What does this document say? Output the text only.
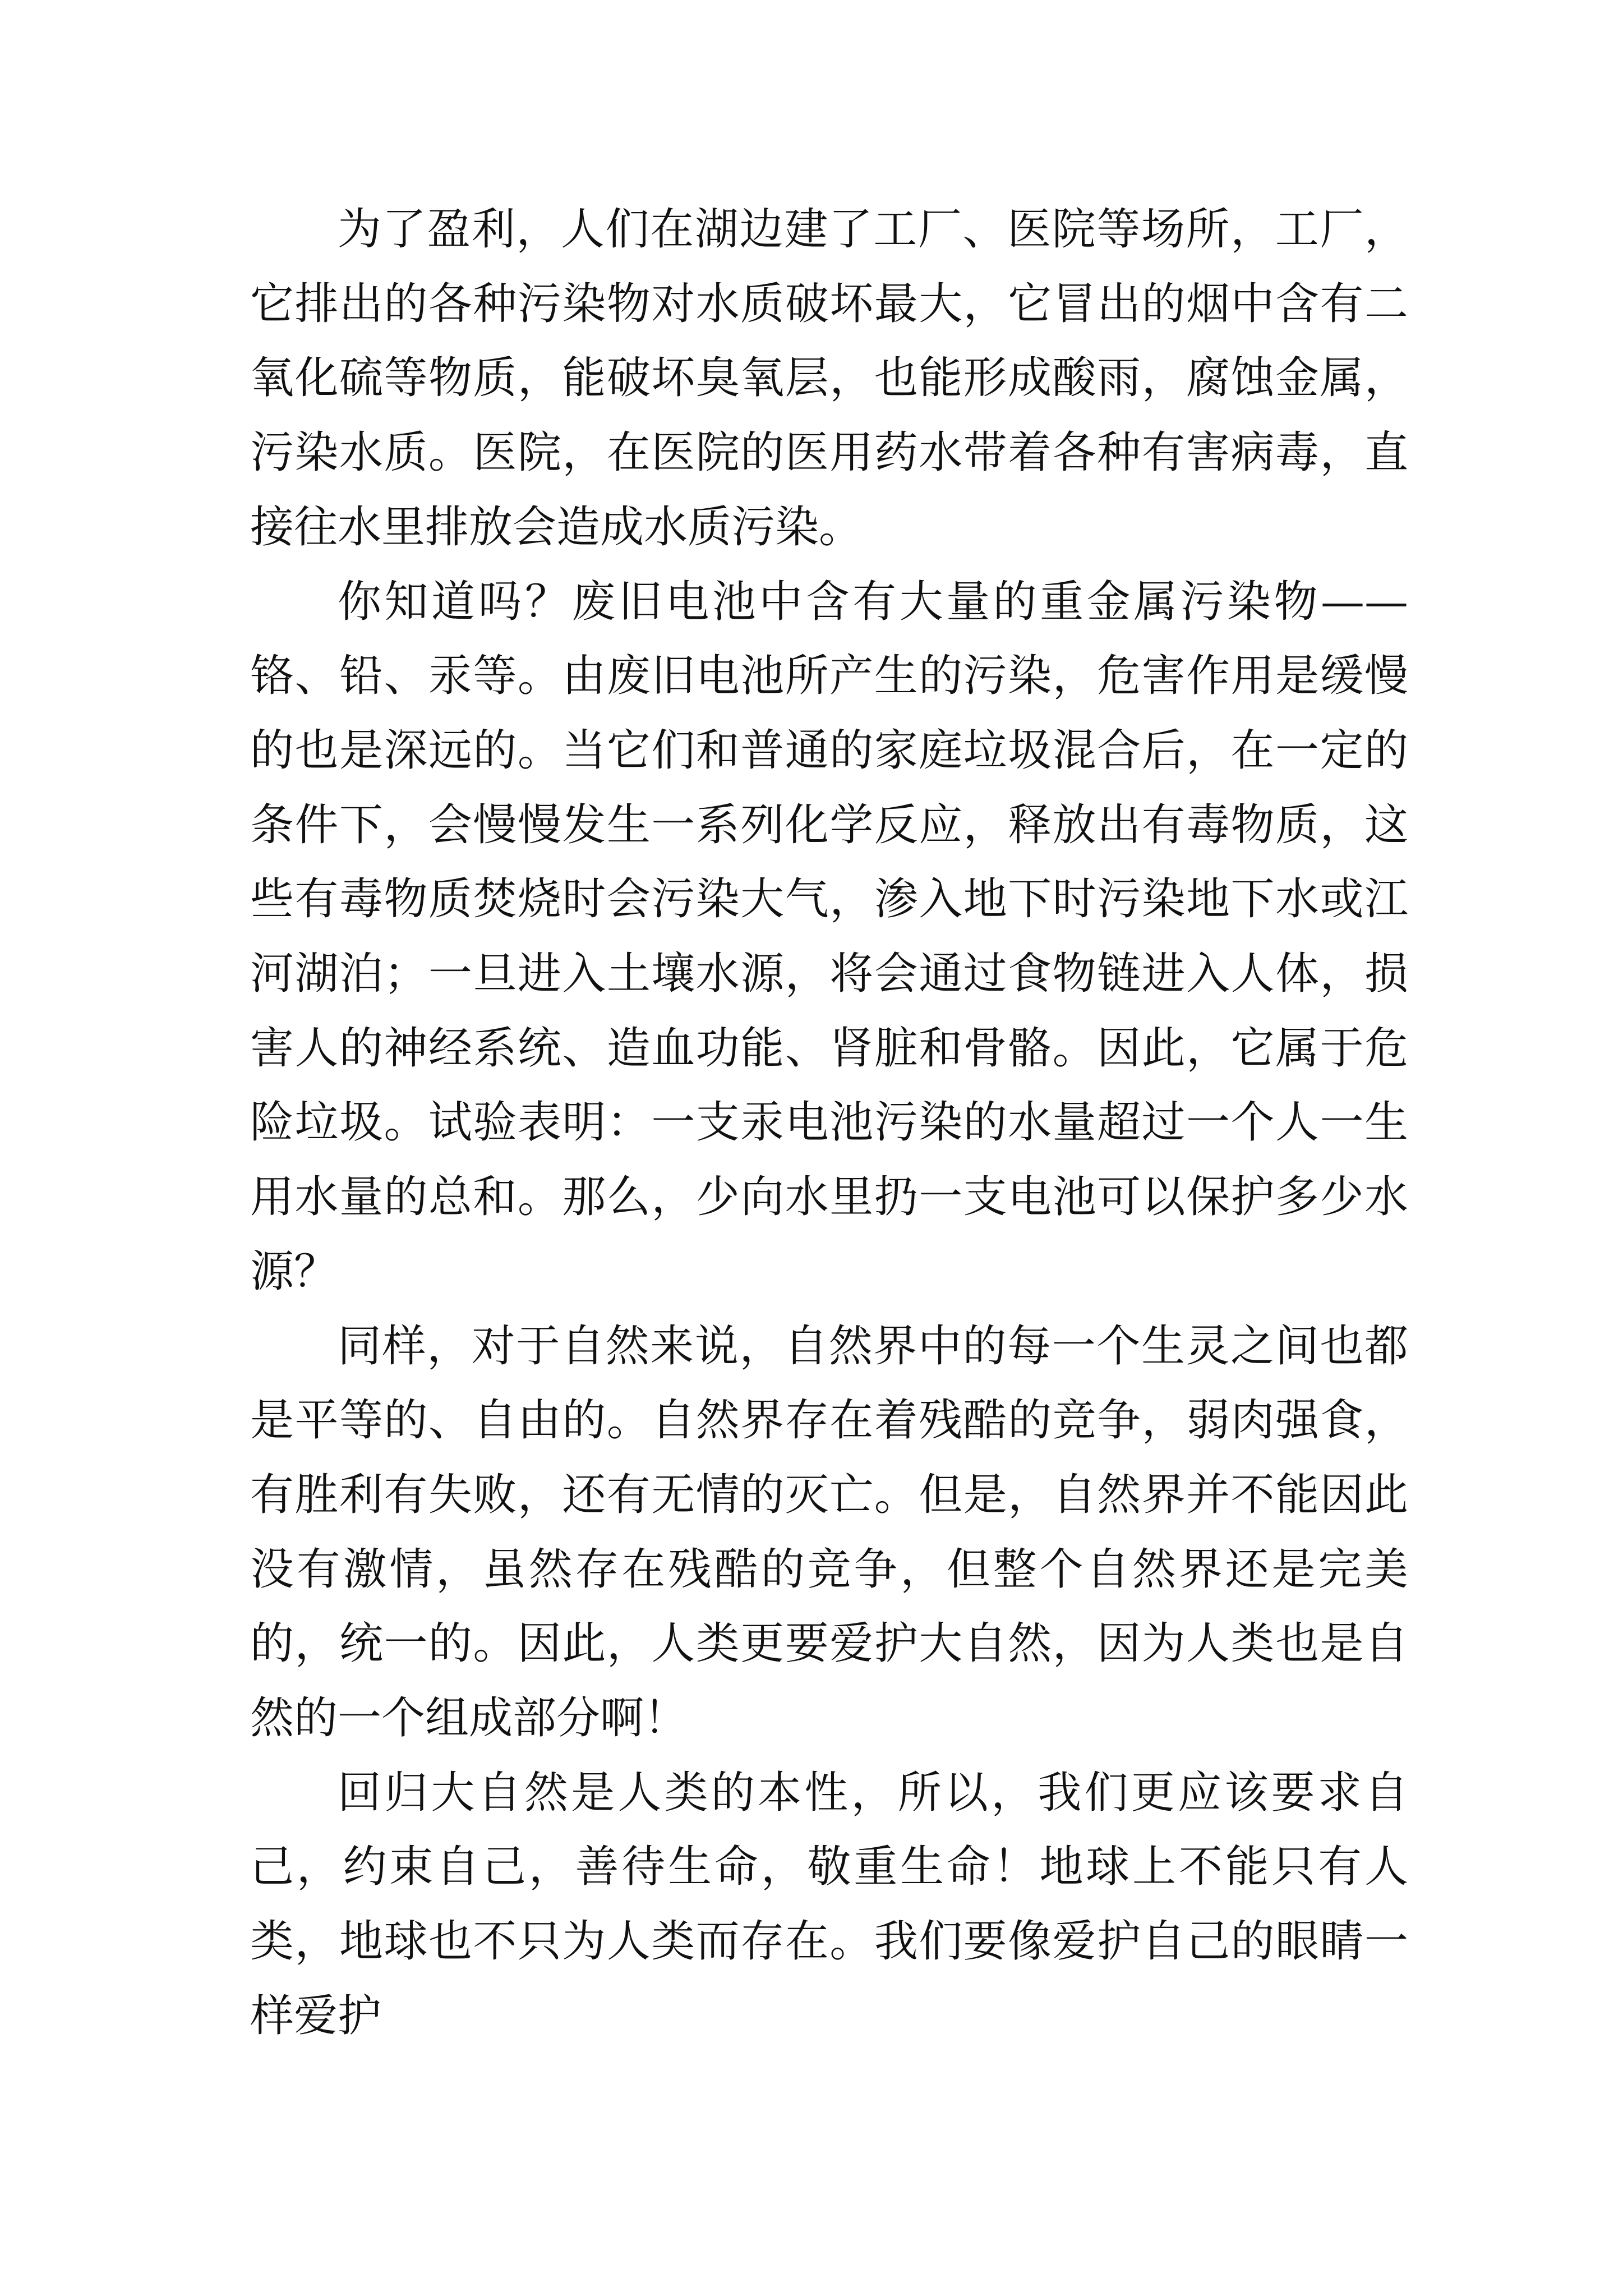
为了盈利，人们在湖边建了工厂、医院等场所，工厂，它排出的各种污染物对水质破坏最大，它冒出的烟中含有二氧化硫等物质，能破坏臭氧层，也能形成酸雨，腐蚀金属，污染水质。医院，在医院的医用药水带着各种有害病毒，直接往水里排放会造成水质污染。

你知道吗？废旧电池中含有大量的重金属污染物——铬、铅、汞等。由废旧电池所产生的污染，危害作用是缓慢的也是深远的。当它们和普通的家庭垃圾混合后，在一定的条件下，会慢慢发生一系列化学反应，释放出有毒物质，这些有毒物质焚烧时会污染大气，渗入地下时污染地下水或江河湖泊；一旦进入土壤水源，将会通过食物链进入人体，损害人的神经系统、造血功能、肾脏和骨骼。因此，它属于危险垃圾。试验表明：一支汞电池污染的水量超过一个人一生用水量的总和。那么，少向水里扔一支电池可以保护多少水源？

同样，对于自然来说，自然界中的每一个生灵之间也都是平等的、自由的。自然界存在着残酷的竞争，弱肉强食，有胜利有失败，还有无情的灭亡。但是，自然界并不能因此没有激情，虽然存在残酷的竞争，但整个自然界还是完美的，统一的。因此，人类更要爱护大自然，因为人类也是自然的一个组成部分啊！

回归大自然是人类的本性，所以，我们更应该要求自己，约束自己，善待生命，敬重生命！地球上不能只有人类，地球也不只为人类而存在。我们要像爱护自己的眼睛一样爱护
